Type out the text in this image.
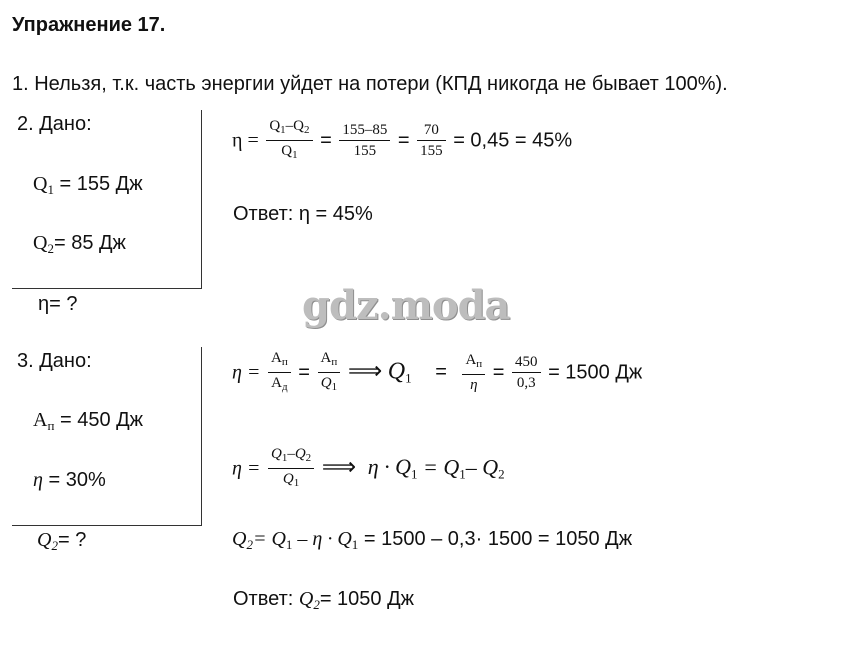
Упражнение 17.
1. Нельзя, т.к. часть энергии уйдет на потери (КПД никогда не бывает 100%).
2. Дано:
$Q_1 = 155$ Дж
$Q_2= 85$ Дж
η= ?
$\eta = \frac{Q_1-Q_2}{Q_1} = \frac{155-85}{155} = \frac{70}{155} = 0,45 = 45\%$
Ответ: η = 45%
gdz.moda
3. Дано:
$А_п = 450$ Дж
η = 30%
$Q_2=$ ?
$\eta = \frac{А_п}{А_д} = \frac{А_п}{Q_1}$ ⟹ $Q_1 = \frac{А_п}{\eta} = \frac{450}{0,3} = 1500$ Дж
$\eta = \frac{Q_1-Q_2}{Q_1}$ ⟹ $\eta \cdot Q_1 = Q_1-$ $Q_2$
$Q_2= Q_1 - \eta \cdot Q_1 = 1500 - 0,3\cdot 1500 = 1050$ Дж
Ответ: $Q_2= 1050$ Дж
